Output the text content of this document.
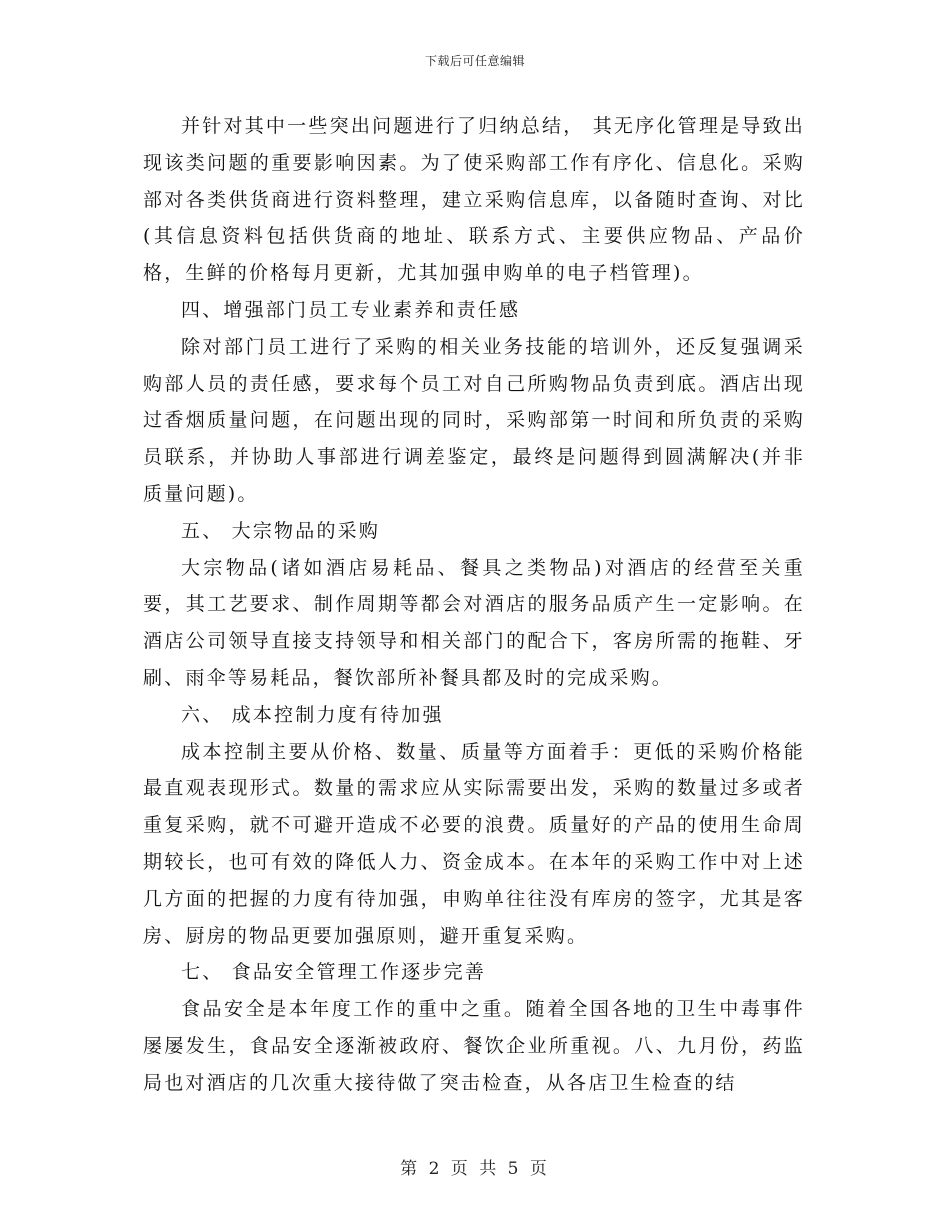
下载后可任意编辑

并针对其中一些突出问题进行了归纳总结， 其无序化管理是导致出现该类问题的重要影响因素。为了使采购部工作有序化、信息化。采购部对各类供货商进行资料整理，建立采购信息库，以备随时查询、对比(其信息资料包括供货商的地址、联系方式、主要供应物品、产品价格，生鲜的价格每月更新，尤其加强申购单的电子档管理)。

四、增强部门员工专业素养和责任感

除对部门员工进行了采购的相关业务技能的培训外，还反复强调采购部人员的责任感，要求每个员工对自己所购物品负责到底。酒店出现过香烟质量问题，在问题出现的同时，采购部第一时间和所负责的采购员联系，并协助人事部进行调差鉴定，最终是问题得到圆满解决(并非质量问题)。

五、 大宗物品的采购

大宗物品(诸如酒店易耗品、餐具之类物品)对酒店的经营至关重要，其工艺要求、制作周期等都会对酒店的服务品质产生一定影响。在酒店公司领导直接支持领导和相关部门的配合下，客房所需的拖鞋、牙刷、雨伞等易耗品，餐饮部所补餐具都及时的完成采购。

六、 成本控制力度有待加强

成本控制主要从价格、数量、质量等方面着手：更低的采购价格能最直观表现形式。数量的需求应从实际需要出发，采购的数量过多或者重复采购，就不可避开造成不必要的浪费。质量好的产品的使用生命周期较长，也可有效的降低人力、资金成本。在本年的采购工作中对上述几方面的把握的力度有待加强，申购单往往没有库房的签字，尤其是客房、厨房的物品更要加强原则，避开重复采购。

七、 食品安全管理工作逐步完善

食品安全是本年度工作的重中之重。随着全国各地的卫生中毒事件屡屡发生，食品安全逐渐被政府、餐饮企业所重视。八、九月份，药监局也对酒店的几次重大接待做了突击检查，从各店卫生检查的结

第 2 页 共 5 页
